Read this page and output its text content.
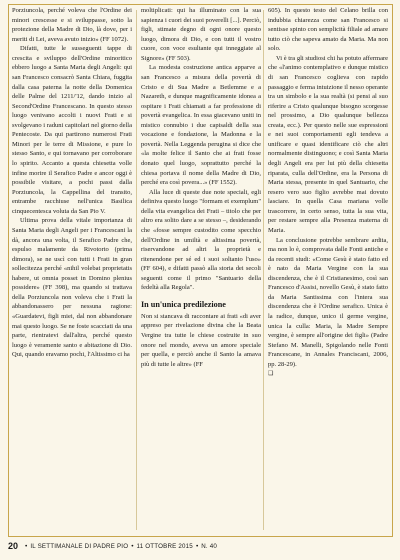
Porziuncola, perché voleva che l'Ordine dei minori crescesse e si sviluppasse, sotto la protezione della Madre di Dio, là dove, per i meriti di Lei, aveva avuto inizio» (FF 1072).

Difatti, tutte le susseguenti tappe di crescita e sviluppo dell'Ordine minoritico ebbero luogo a Santa Maria degli Angeli: qui san Francesco consacrò Santa Chiara, fuggita dalla casa paterna la notte della Domenica delle Palme del 1211/'12, dando inizio al Second'Ordine Francescano. In questo stesso luogo venivano accolti i nuovi Frati e si svolgevano i raduni capitolari nel giorno della Pentecoste. Da qui partirono numerosi Frati Minori per le terre di Missione, e pure lo stesso Santo, e qui tornavano per corroborare lo spirito. Accanto a questa chiesetta volle infine morire il Serafico Padre e ancor oggi è possibile visitare, a pochi passi dalla Porziuncola, la Cappellina del transito, entrambe racchiuse nell'unica Basilica cinquecentesca voluta da San Pio V.

Ultima prova della vitale importanza di Santa Maria degli Angeli per i Francescani la dà, ancora una volta, il Serafico Padre che, espulso malamente da Rivotorto (prima dimora), se ne uscì con tutti i Frati in gran sollecitezza perché «nihil volebat proprietatis habere, ut omnia posset in Domino plenius possidere» (FF 398), ma quando si trattava della Porziuncola non voleva che i Frati la abbandonassero per nessuna ragione: «Guardatevi, figli miei, dal non abbandonare mai questo luogo. Se ne foste scacciati da una parte, rientratevi dall'altra, perché questo luogo è veramente santo e abitazione di Dio. Qui, quando eravamo pochi, l'Altissimo ci ha

moltiplicati: qui ha illuminato con la sua sapienza i cuori dei suoi poverelli [...]. Perciò, figli, stimate degno di ogni onore questo luogo, dimora di Dio, e con tutti il vostro cuore, con voce esultante qui inneggiate al Signore» (FF 503).

La modesta costruzione antica apparve a san Francesco a misura della povertà di Cristo e di Sua Madre a Betlemme e a Nazareth, e dunque magnificamente idonea a ospitare i Frati chiamati a far professione di povertà evangelica. In essa giacevano uniti in mistico connubio i due capisaldi della sua vocazione e fondazione, la Madonna e la povertà. Nella Leggenda perugina si dice che «la molte felice il Santo che ai frati fosse donato quel luogo, soprattutto perché la chiesa portava il nome della Madre di Dio, perché era così povera...» (FF 1552).

Alla luce di queste due note speciali, egli definiva questo luogo "formam et exemplum" della vita evangelica dei Frati – titolo che per altro era solito dare a se stesso –, desiderando che «fosse sempre custodito come specchio dell'Ordine in umiltà e altissima povertà, riservandone ad altri la proprietà e ritenendone per sé ed i suoi soltanto l'uso» (FF 604), e difatti passò alla storia dei secoli seguenti come il primo "Santuario della fedeltà alla Regola".

In un'unica predilezione

Non si stancava di raccontare ai frati «di aver appreso per rivelazione divina che la Beata Vergine tra tutte le chiese costruite in suo onore nel mondo, aveva un amore speciale per quella, e perciò anche il Santo la amava più di tutte le altre» (FF

605). In questo testo del Celano brilla con indubbia chiarezza come san Francesco si sentisse spinto con semplicità filiale ad amare tutto ciò che sapeva amato da Maria. Ma non solo.

Vi è tra gli studiosi chi ha potuto affermare che «l'animo contemplativo e dunque mistico di san Francesco coglieva con rapido passaggio e ferma intuizione il nesso operante tra un simbolo e la sua realtà (si pensi al suo riferire a Cristo qualunque bisogno scorgesse nel prossimo, a Dio qualunque bellezza creata, ecc.). Per questo nelle sue espressioni e nei suoi comportamenti egli tendeva a unificare e quasi identificare ciò che altri normalmente distinguono; e così Santa Maria degli Angeli era per lui più della chiesetta riparata, culla dell'Ordine, era la Persona di Maria stessa, presente in quel Santuario, che resero vero suo figlio avrebbe mai dovuto lasciare. In quella Casa mariana volle trascorrere, in certo senso, tutta la sua vita, per restare sempre alla Presenza materna di Maria.

La conclusione potrebbe sembrare ardita, ma non lo è, comprovata dalle Fonti antiche e da recenti studi: «Come Gesù è stato fatto ed è nato da Maria Vergine con la sua discendenza, che è il Cristianesimo, così san Francesco d'Assisi, novello Gesù, è stato fatto da Maria Santissima con l'intera sua discendenza che è l'Ordine serafico. Unica è la radice, dunque, unico il germe vergine, unica la culla: Maria, la Madre Sempre vergine, è sempre all'origine dei figli» (Padre Stefano M. Manelli, Spigolando nelle Fonti Francescane, in Annales Franciscani, 2006, pp. 28-29).

❑
20 • IL SETTIMANALE DI PADRE PIO • 11 OTTOBRE 2015 • N. 40
